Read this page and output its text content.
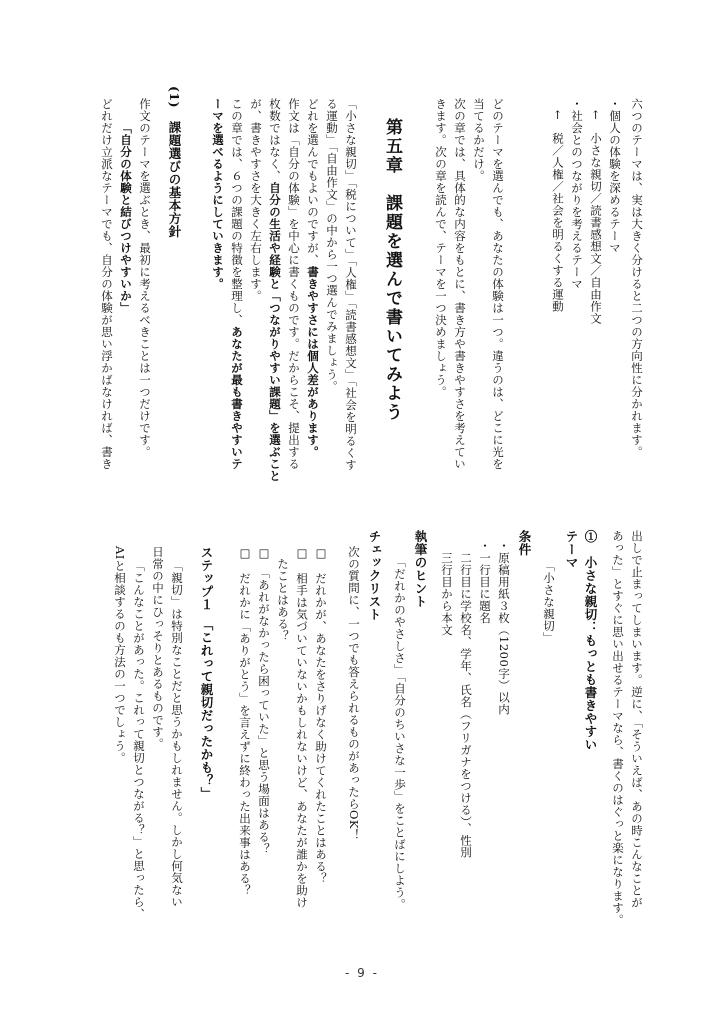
六つのテーマは、実は大きく分けると二つの方向性に分かれます。
・個人の体験を深めるテーマ
　←　小さな親切／読書感想文／自由作文
・社会とのつながりを考えるテーマ
　←　税／人権／社会を明るくする運動
どのテーマを選んでも、あなたの体験は一つ。違うのは、どこに光を
当てるかだけ。
次の章では、具体的な内容をもとに、書き方や書きやすさを考えてい
きます。次の章を読んで、テーマを一つ決めましょう。
第五章　課題を選んで書いてみよう
「小さな親切」「税について」「人権」「読書感想文」「社会を明るくす
る運動」「自由作文」の中から一つ選んでみましょう。
どれを選んでもよいのですが、書きやすさには個人差があります。
作文は「自分の体験」を中心に書くものです。だからこそ、提出する
枚数ではなく、自分の生活や経験と「つながりやすい課題」を選ぶこと
が、書きやすさを大きく左右します。
この章では、６つの課題の特徴を整理し、あなたが最も書きやすいテ
ーマを選べるようにしていきます。
(1)　課題選びの基本方針
作文のテーマを選ぶとき、最初に考えるべきことは一つだけです。
「自分の体験と結びつけやすいか」
どれだけ立派なテーマでも、自分の体験が思い浮かばなければ、書き
出しで止まってしまいます。逆に、「そういえば、あの時こんなことが
あった」とすぐに思い出せるテーマなら、書くのはぐっと楽になります。
①　小さな親切：もっとも書きやすい
テーマ
「小さな親切」
条件
・原稿用紙３枚（1200字）以内
・一行目に題名
　二行目に学校名、学年、氏名（フリガナをつける）、性別
　三行目から本文
執筆のヒント
「だれかのやさしさ」「自分のちいさな一歩」をことばにしよう。
チェックリスト
次の質問に、一つでも答えられるものがあったらOK！
□　だれかが、あなたをさりげなく助けてくれたことはある？
□　相手は気づいていないかもしれないけど、あなたが誰かを助け
　たことはある？
□　「あれがなかったら困っていた」と思う場面はある？
□　だれかに「ありがとう」を言えずに終わった出来事はある？
ステップ１　「これって親切だったかも？」
「親切」は特別なことだと思うかもしれません。しかし何気ない
日常の中にひっそりとあるものです。
「こんなことがあった。これって親切とつながる？」と思ったら、
AIと相談するのも方法の一つでしょう。
- 9 -
